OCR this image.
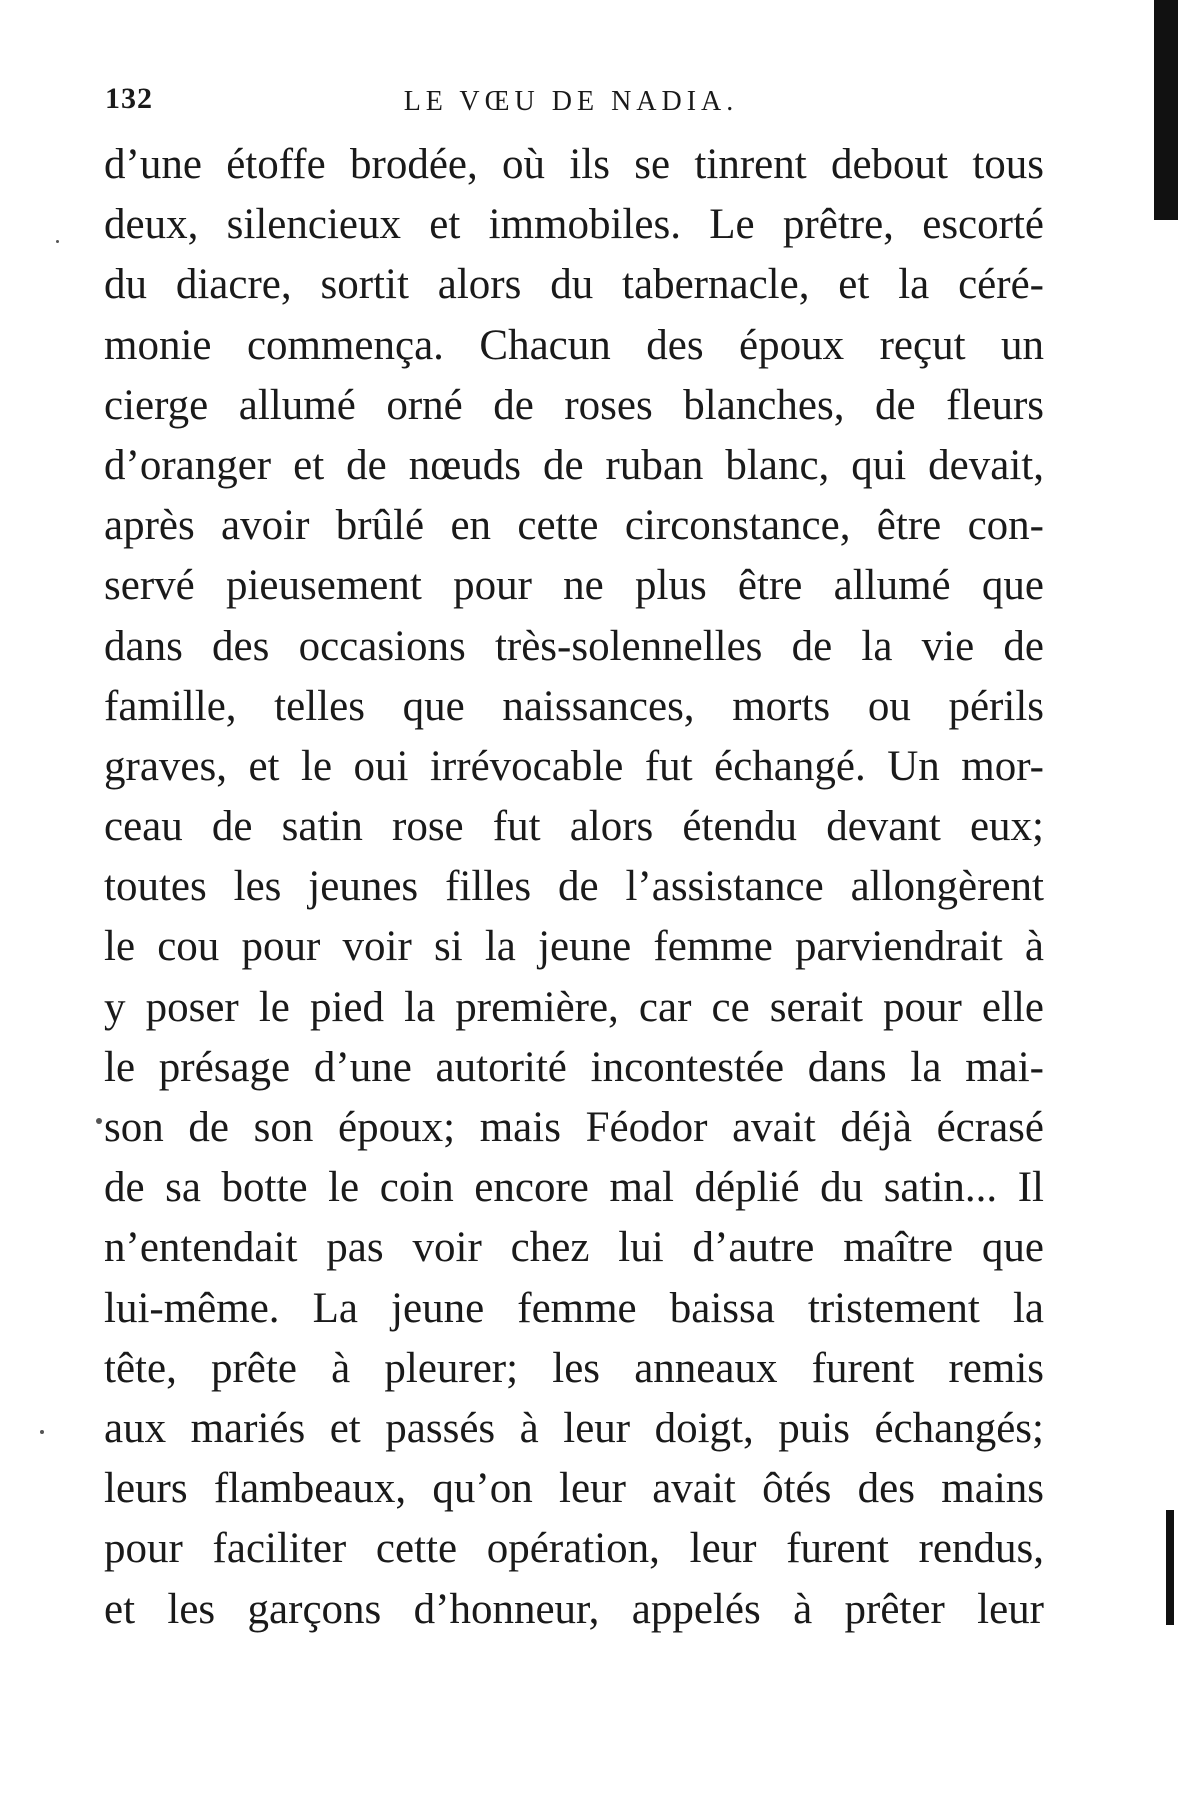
132	LE VŒU DE NADIA.
d’une étoffe brodée, où ils se tinrent debout tous
deux, silencieux et immobiles. Le prêtre, escorté
du diacre, sortit alors du tabernacle, et la céré-
monie commença. Chacun des époux reçut un
cierge allumé orné de roses blanches, de fleurs
d’oranger et de nœuds de ruban blanc, qui devait,
après avoir brûlé en cette circonstance, être con-
servé pieusement pour ne plus être allumé que
dans des occasions très-solennelles de la vie de
famille, telles que naissances, morts ou périls
graves, et le oui irrévocable fut échangé. Un mor-
ceau de satin rose fut alors étendu devant eux;
toutes les jeunes filles de l’assistance allongèrent
le cou pour voir si la jeune femme parviendrait à
y poser le pied la première, car ce serait pour elle
le présage d’une autorité incontestée dans la mai-
son de son époux; mais Féodor avait déjà écrasé
de sa botte le coin encore mal déplié du satin... Il
n’entendait pas voir chez lui d’autre maître que
lui-même. La jeune femme baissa tristement la
tête, prête à pleurer; les anneaux furent remis
aux mariés et passés à leur doigt, puis échangés;
leurs flambeaux, qu’on leur avait ôtés des mains
pour faciliter cette opération, leur furent rendus,
et les garçons d’honneur, appelés à prêter leur
